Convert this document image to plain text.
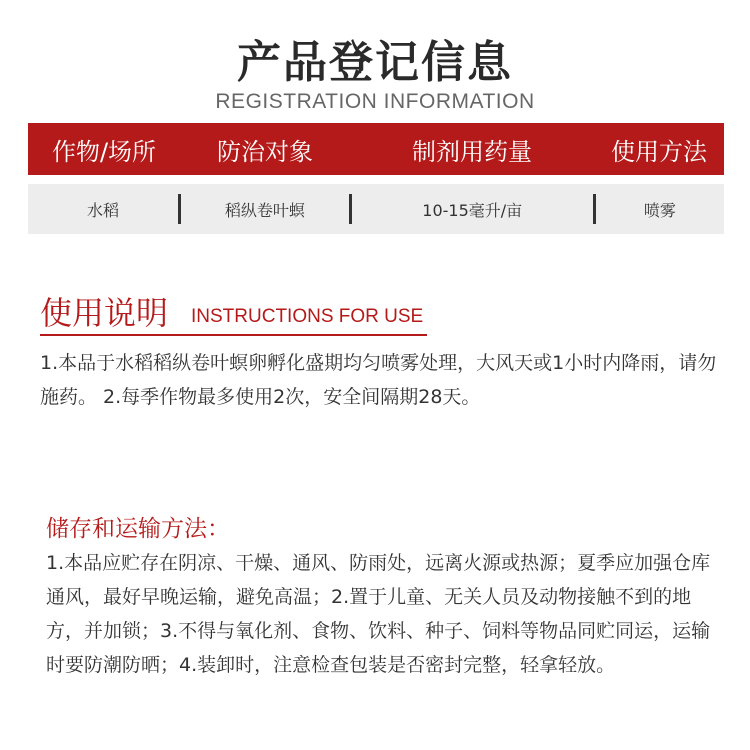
产品登记信息
REGISTRATION INFORMATION
作物/场所	防治对象	制剂用药量	使用方法
水稻	稻纵卷叶螟	10-15毫升/亩	喷雾
使用说明 INSTRUCTIONS FOR USE
1.本品于水稻稻纵卷叶螟卵孵化盛期均匀喷雾处理，大风天或1小时内降雨，请勿施药。 2.每季作物最多使用2次，安全间隔期28天。
储存和运输方法：
1.本品应贮存在阴凉、干燥、通风、防雨处，远离火源或热源；夏季应加强仓库通风，最好早晚运输，避免高温；2.置于儿童、无关人员及动物接触不到的地方，并加锁；3.不得与氧化剂、食物、饮料、种子、饲料等物品同贮同运，运输时要防潮防晒；4.装卸时，注意检查包装是否密封完整，轻拿轻放。
